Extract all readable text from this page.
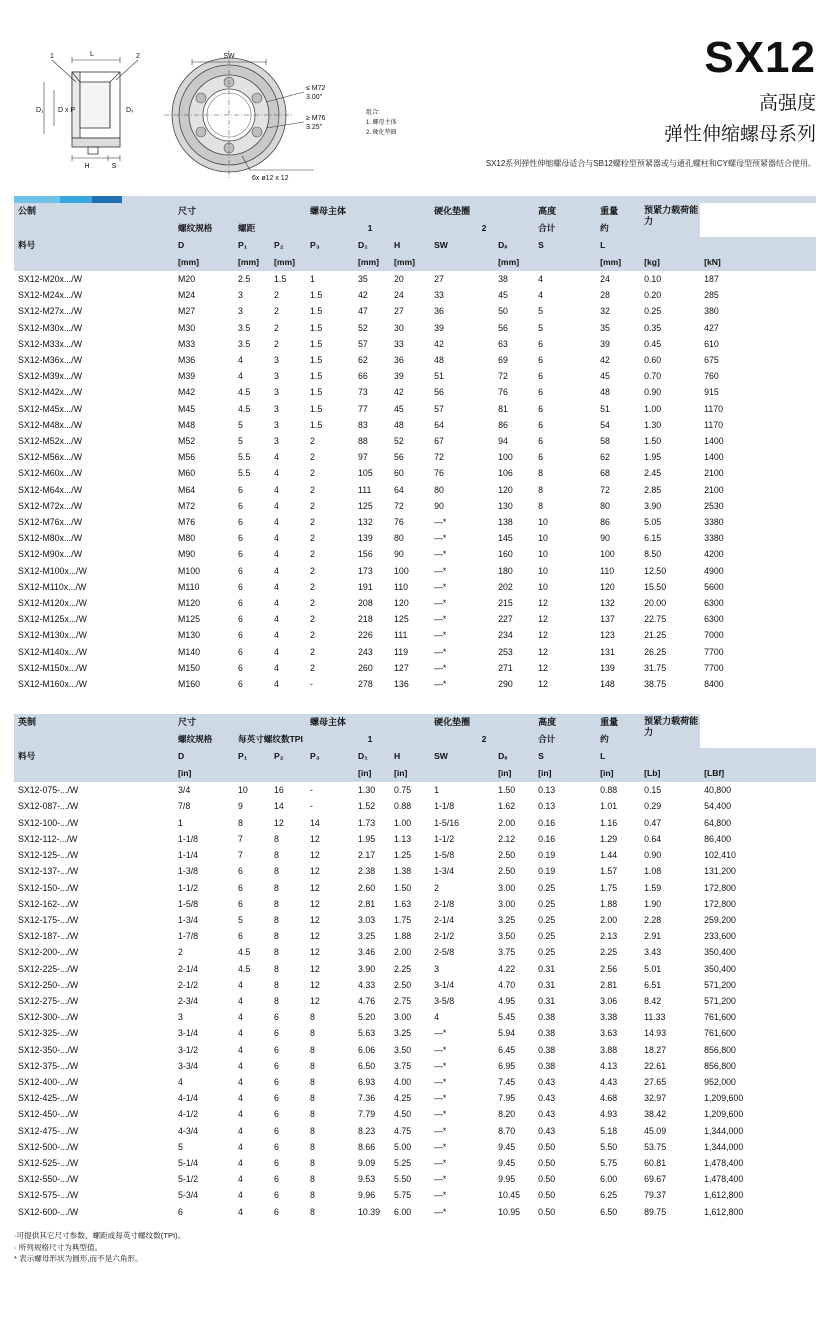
L
1	2
D₁ D x P	Dₛ
H	S
SW
≤ M72
3.00"
≥ M76
3.25"
6x ø12 x 12
组合:
1. 螺母主体
2. 硬化垫圈
SX12
高强度
弹性伸缩螺母系列
SX12系列弹性伸缩螺母适合与SB12螺栓型预紧器或与通孔螺柱和CY螺母型预紧器结合使用。
公制	尺寸			螺母主体			硬化垫圈		高度	重量	预紧力载荷能力	
	螺纹规格	螺距		1			2		合计	约		
料号	D	P₁	P₂	P₃	D₁	H	SW	Dₛ	S	L		
	[mm]	[mm]	[mm]		[mm]	[mm]		[mm]		[mm]	[kg]	[kN]
SX12-M20x.../W	M20	2.5	1.5	1	35	20	27	38	4	24	0.10	187
SX12-M24x.../W	M24	3	2	1.5	42	24	33	45	4	28	0.20	285
SX12-M27x.../W	M27	3	2	1.5	47	27	36	50	5	32	0.25	380
SX12-M30x.../W	M30	3.5	2	1.5	52	30	39	56	5	35	0.35	427
SX12-M33x.../W	M33	3.5	2	1.5	57	33	42	63	6	39	0.45	610
SX12-M36x.../W	M36	4	3	1.5	62	36	48	69	6	42	0.60	675
SX12-M39x.../W	M39	4	3	1.5	66	39	51	72	6	45	0.70	760
SX12-M42x.../W	M42	4.5	3	1.5	73	42	56	76	6	48	0.90	915
SX12-M45x.../W	M45	4.5	3	1.5	77	45	57	81	6	51	1.00	1170
SX12-M48x.../W	M48	5	3	1.5	83	48	64	86	6	54	1.30	1170
SX12-M52x.../W	M52	5	3	2	88	52	67	94	6	58	1.50	1400
SX12-M56x.../W	M56	5.5	4	2	97	56	72	100	6	62	1.95	1400
SX12-M60x.../W	M60	5.5	4	2	105	60	76	106	8	68	2.45	2100
SX12-M64x.../W	M64	6	4	2	111	64	80	120	8	72	2.85	2100
SX12-M72x.../W	M72	6	4	2	125	72	90	130	8	80	3.90	2530
SX12-M76x.../W	M76	6	4	2	132	76	—*	138	10	86	5.05	3380
SX12-M80x.../W	M80	6	4	2	139	80	—*	145	10	90	6.15	3380
SX12-M90x.../W	M90	6	4	2	156	90	—*	160	10	100	8.50	4200
SX12-M100x.../W	M100	6	4	2	173	100	—*	180	10	110	12.50	4900
SX12-M110x.../W	M110	6	4	2	191	110	—*	202	10	120	15.50	5600
SX12-M120x.../W	M120	6	4	2	208	120	—*	215	12	132	20.00	6300
SX12-M125x.../W	M125	6	4	2	218	125	—*	227	12	137	22.75	6300
SX12-M130x.../W	M130	6	4	2	226	111	—*	234	12	123	21.25	7000
SX12-M140x.../W	M140	6	4	2	243	119	—*	253	12	131	26.25	7700
SX12-M150x.../W	M150	6	4	2	260	127	—*	271	12	139	31.75	7700
SX12-M160x.../W	M160	6	4	-	278	136	—*	290	12	148	38.75	8400
英制	尺寸			螺母主体			硬化垫圈		高度	重量	预紧力载荷能力	
	螺纹规格	每英寸螺纹数TPI		1			2		合计	约		
料号	D	P₁	P₂	P₃	D₁	H	SW	Dₛ	S	L		
	[in]				[in]	[in]		[in]	[in]	[in]	[Lb]	[LBf]
SX12-075-.../W	3/4	10	16	-	1.30	0.75	1	1.50	0.13	0.88	0.15	40,800
SX12-087-.../W	7/8	9	14	-	1.52	0.88	1-1/8	1.62	0.13	1.01	0.29	54,400
SX12-100-.../W	1	8	12	14	1.73	1.00	1-5/16	2.00	0.16	1.16	0.47	64,800
SX12-112-.../W	1-1/8	7	8	12	1.95	1.13	1-1/2	2.12	0.16	1.29	0.64	86,400
SX12-125-.../W	1-1/4	7	8	12	2.17	1.25	1-5/8	2.50	0.19	1.44	0.90	102,410
SX12-137-.../W	1-3/8	6	8	12	2.38	1.38	1-3/4	2.50	0.19	1.57	1.08	131,200
SX12-150-.../W	1-1/2	6	8	12	2.60	1.50	2	3.00	0.25	1.75	1.59	172,800
SX12-162-.../W	1-5/8	6	8	12	2.81	1.63	2-1/8	3.00	0.25	1.88	1.90	172,800
SX12-175-.../W	1-3/4	5	8	12	3.03	1.75	2-1/4	3.25	0.25	2.00	2.28	259,200
SX12-187-.../W	1-7/8	6	8	12	3.25	1.88	2-1/2	3.50	0.25	2.13	2.91	233,600
SX12-200-.../W	2	4.5	8	12	3.46	2.00	2-5/8	3.75	0.25	2.25	3.43	350,400
SX12-225-.../W	2-1/4	4.5	8	12	3.90	2.25	3	4.22	0.31	2.56	5.01	350,400
SX12-250-.../W	2-1/2	4	8	12	4.33	2.50	3-1/4	4.70	0.31	2.81	6.51	571,200
SX12-275-.../W	2-3/4	4	8	12	4.76	2.75	3-5/8	4.95	0.31	3.06	8.42	571,200
SX12-300-.../W	3	4	6	8	5.20	3.00	4	5.45	0.38	3.38	11.33	761,600
SX12-325-.../W	3-1/4	4	6	8	5.63	3.25	—*	5.94	0.38	3.63	14.93	761,600
SX12-350-.../W	3-1/2	4	6	8	6.06	3.50	—*	6.45	0.38	3.88	18.27	856,800
SX12-375-.../W	3-3/4	4	6	8	6.50	3.75	—*	6.95	0.38	4.13	22.61	856,800
SX12-400-.../W	4	4	6	8	6.93	4.00	—*	7.45	0.43	4.43	27.65	952,000
SX12-425-.../W	4-1/4	4	6	8	7.36	4.25	—*	7.95	0.43	4.68	32.97	1,209,600
SX12-450-.../W	4-1/2	4	6	8	7.79	4.50	—*	8.20	0.43	4.93	38.42	1,209,600
SX12-475-.../W	4-3/4	4	6	8	8.23	4.75	—*	8.70	0.43	5.18	45.09	1,344,000
SX12-500-.../W	5	4	6	8	8.66	5.00	—*	9.45	0.50	5.50	53.75	1,344,000
SX12-525-.../W	5-1/4	4	6	8	9.09	5.25	—*	9.45	0.50	5.75	60.81	1,478,400
SX12-550-.../W	5-1/2	4	6	8	9.53	5.50	—*	9.95	0.50	6.00	69.67	1,478,400
SX12-575-.../W	5-3/4	4	6	8	9.96	5.75	—*	10.45	0.50	6.25	79.37	1,612,800
SX12-600-.../W	6	4	6	8	10.39	6.00	—*	10.95	0.50	6.50	89.75	1,612,800
·可提供其它尺寸参数、螺距或每英寸螺纹数(TPI)。
· 所列规格尺寸为典型值。
* 表示螺母形状为圆形,而不是六角形。
